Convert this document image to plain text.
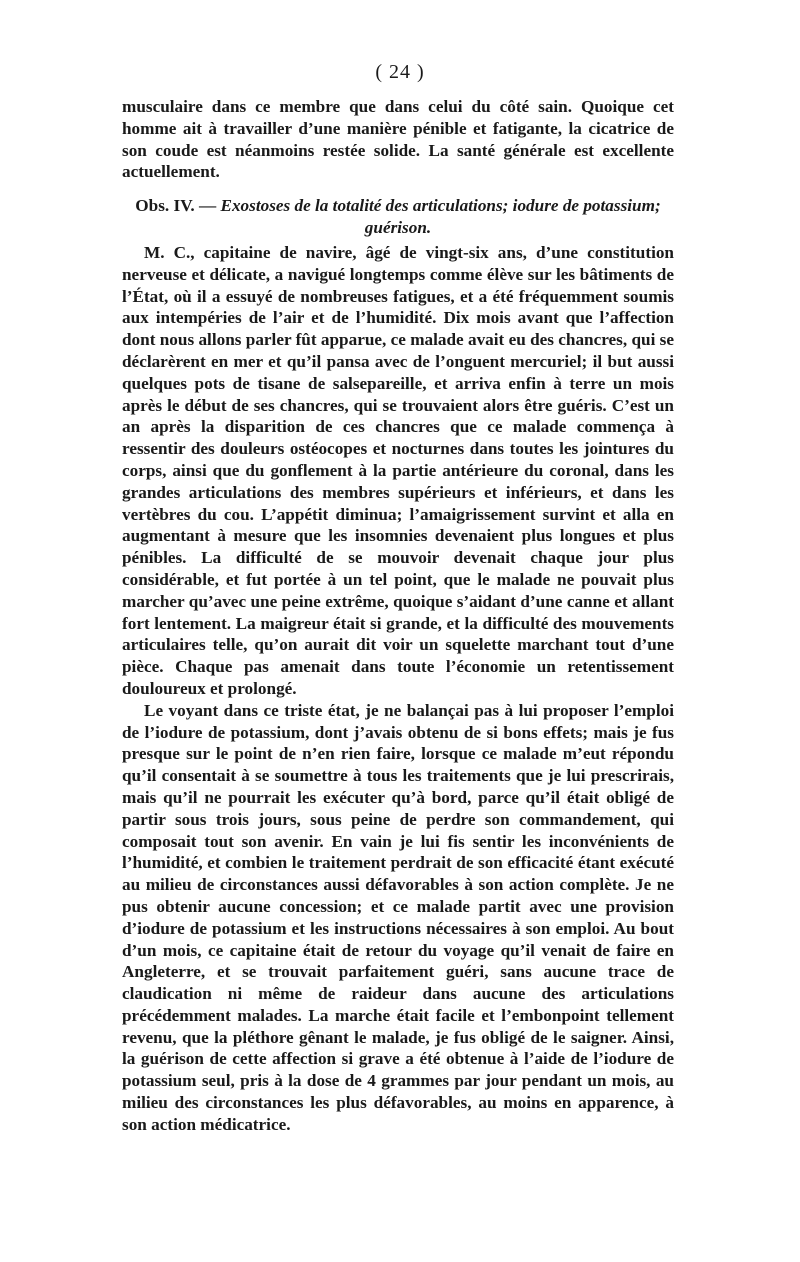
( 24 )

musculaire dans ce membre que dans celui du côté sain. Quoique cet homme ait à travailler d’une manière pénible et fatigante, la cicatrice de son coude est néanmoins restée solide. La santé générale est excellente actuellement.

Obs. IV. — Exostoses de la totalité des articulations; iodure de potassium; guérison.

M. C., capitaine de navire, âgé de vingt-six ans, d’une constitution nerveuse et délicate, a navigué longtemps comme élève sur les bâtiments de l’État, où il a essuyé de nombreuses fatigues, et a été fréquemment soumis aux intempéries de l’air et de l’humidité. Dix mois avant que l’affection dont nous allons parler fût apparue, ce malade avait eu des chancres, qui se déclarèrent en mer et qu’il pansa avec de l’onguent mercuriel; il but aussi quelques pots de tisane de salsepareille, et arriva enfin à terre un mois après le début de ses chancres, qui se trouvaient alors être guéris. C’est un an après la disparition de ces chancres que ce malade commença à ressentir des douleurs ostéocopes et nocturnes dans toutes les jointures du corps, ainsi que du gonflement à la partie antérieure du coronal, dans les grandes articulations des membres supérieurs et inférieurs, et dans les vertèbres du cou. L’appétit diminua; l’amaigrissement survint et alla en augmentant à mesure que les insomnies devenaient plus longues et plus pénibles. La difficulté de se mouvoir devenait chaque jour plus considérable, et fut portée à un tel point, que le malade ne pouvait plus marcher qu’avec une peine extrême, quoique s’aidant d’une canne et allant fort lentement. La maigreur était si grande, et la difficulté des mouvements articulaires telle, qu’on aurait dit voir un squelette marchant tout d’une pièce. Chaque pas amenait dans toute l’économie un retentissement douloureux et prolongé.

Le voyant dans ce triste état, je ne balançai pas à lui proposer l’emploi de l’iodure de potassium, dont j’avais obtenu de si bons effets; mais je fus presque sur le point de n’en rien faire, lorsque ce malade m’eut répondu qu’il consentait à se soumettre à tous les traitements que je lui prescrirais, mais qu’il ne pourrait les exécuter qu’à bord, parce qu’il était obligé de partir sous trois jours, sous peine de perdre son commandement, qui composait tout son avenir. En vain je lui fis sentir les inconvénients de l’humidité, et combien le traitement perdrait de son efficacité étant exécuté au milieu de circonstances aussi défavorables à son action complète. Je ne pus obtenir aucune concession; et ce malade partit avec une provision d’iodure de potassium et les instructions nécessaires à son emploi. Au bout d’un mois, ce capitaine était de retour du voyage qu’il venait de faire en Angleterre, et se trouvait parfaitement guéri, sans aucune trace de claudication ni même de raideur dans aucune des articulations précédemment malades. La marche était facile et l’embonpoint tellement revenu, que la pléthore gênant le malade, je fus obligé de le saigner. Ainsi, la guérison de cette affection si grave a été obtenue à l’aide de l’iodure de potassium seul, pris à la dose de 4 grammes par jour pendant un mois, au milieu des circonstances les plus défavorables, au moins en apparence, à son action médicatrice.
